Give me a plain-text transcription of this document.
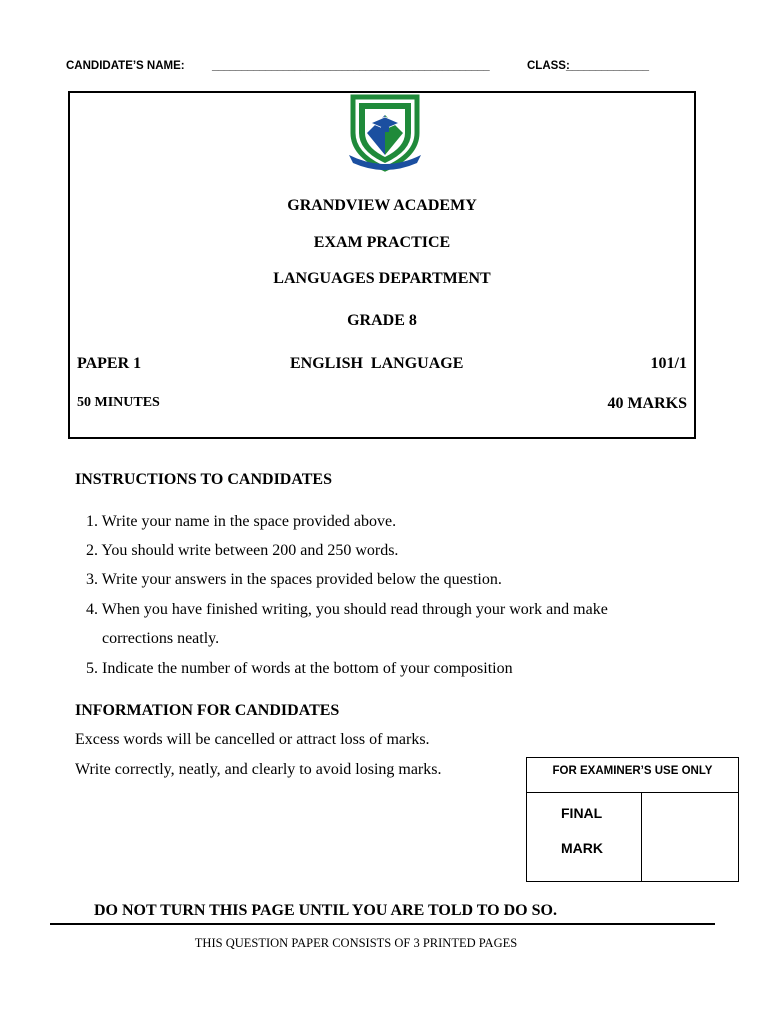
CANDIDATE’S NAME: _______________________________________________	CLASS:
______________
GRANDVIEW ACADEMY
EXAM PRACTICE
LANGUAGES DEPARTMENT
GRADE 8
PAPER 1	ENGLISH  LANGUAGE	101/1
50 MINUTES	40 MARKS
INSTRUCTIONS TO CANDIDATES
1. Write your name in the space provided above.
2. You should write between 200 and 250 words.
3. Write your answers in the spaces provided below the question.
4. When you have finished writing, you should read through your work and make
corrections neatly.
5. Indicate the number of words at the bottom of your composition
INFORMATION FOR CANDIDATES
Excess words will be cancelled or attract loss of marks.
Write correctly, neatly, and clearly to avoid losing marks.	FOR EXAMINER’S USE ONLY
FINAL
MARK
DO NOT TURN THIS PAGE UNTIL YOU ARE TOLD TO DO SO.
THIS QUESTION PAPER CONSISTS OF 3 PRINTED PAGES
